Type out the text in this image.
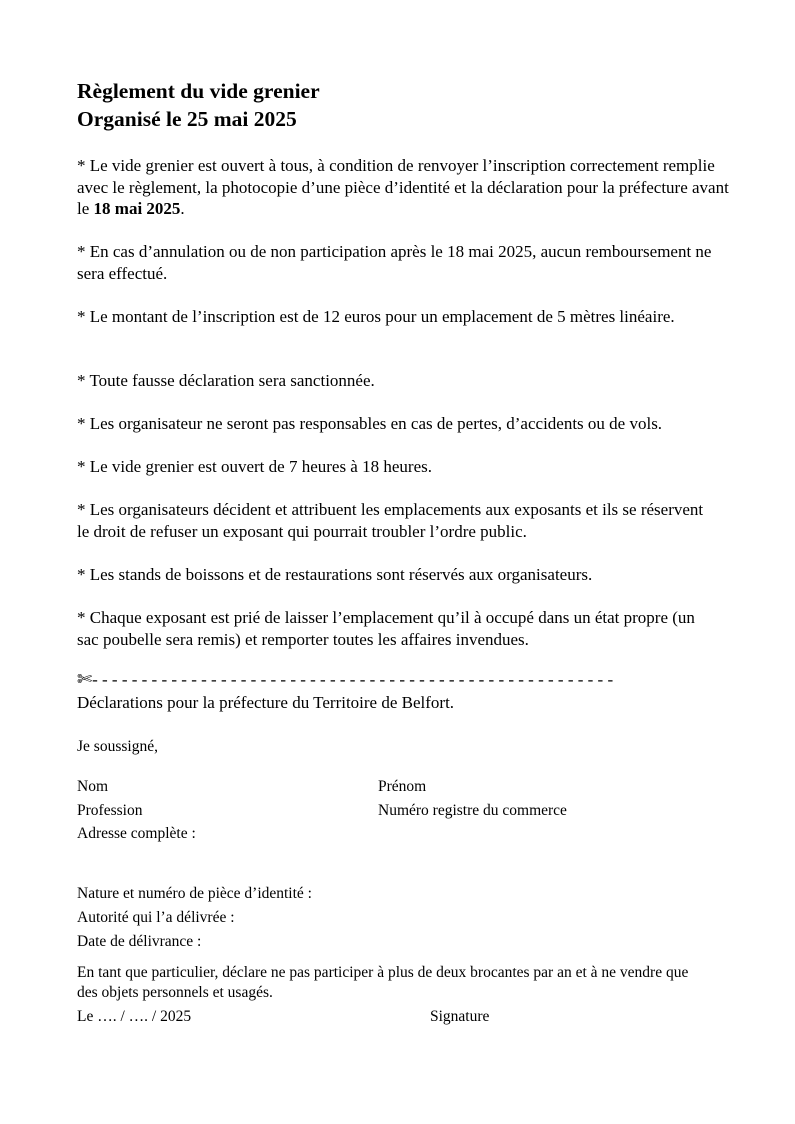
Règlement du vide grenier
Organisé le 25 mai 2025

* Le vide grenier est ouvert à tous, à condition de renvoyer l’inscription correctement remplie avec le règlement, la photocopie d’une pièce d’identité et la déclaration pour la préfecture avant le 18 mai 2025.

* En cas d’annulation ou de non participation après le 18 mai 2025, aucun remboursement ne sera effectué.

* Le montant de l’inscription est de 12 euros pour un emplacement de 5 mètres linéaire.

* Toute fausse déclaration sera sanctionnée.

* Les organisateur ne seront pas responsables en cas de pertes, d’accidents ou de vols.

* Le vide grenier est ouvert de 7 heures à 18 heures.

* Les organisateurs décident et attribuent les emplacements aux exposants et ils se réservent le droit de refuser un exposant qui pourrait troubler l’ordre public.

* Les stands de boissons et de restaurations sont réservés aux organisateurs.

* Chaque exposant est prié de laisser l’emplacement qu’il à occupé dans un état propre (un sac poubelle sera remis) et remporter toutes les affaires invendues.

✄- - - - - - - - - - - - - - - - - - - - - - - - - - - - - - - - - - - - - - - - - - - - - - - - - - - - -
Déclarations pour la préfecture du Territoire de Belfort.
Je soussigné,
Nom	Prénom
Profession	Numéro registre du commerce
Adresse complète :
Nature et numéro de pièce d’identité :
Autorité qui l’a délivrée :
Date de délivrance :
En tant que particulier, déclare ne pas participer à plus de deux brocantes par an et à ne vendre que des objets personnels et usagés.
Le …. / …. / 2025	Signature
